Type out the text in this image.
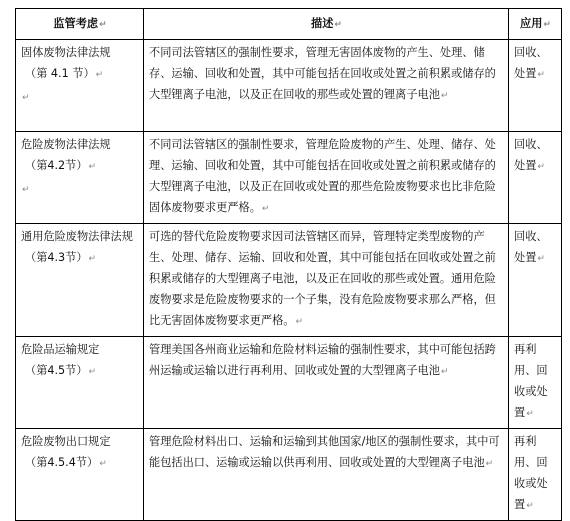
监管考虑↵	描述↵	应用↵

固体废物法律法规
（第 4.1 节）↵
↵	不同司法管辖区的强制性要求，管理无害固体废物的产生、处理、储存、运输、回收和处置，其中可能包括在回收或处置之前积累或储存的大型锂离子电池，以及正在回收的那些或处置的锂离子电池↵	回收、处置↵

危险废物法律法规
（第4.2节）↵
↵	不同司法管辖区的强制性要求，管理危险废物的产生、处理、储存、处理、运输、回收和处置，其中可能包括在回收或处置之前积累或储存的大型锂离子电池，以及正在回收或处置的那些危险废物要求也比非危险固体废物要求更严格。↵	回收、处置↵

通用危险废物法律法规
（第4.3节）↵	可选的替代危险废物要求因司法管辖区而异，管理特定类型废物的产生、处理、储存、运输、回收和处置，其中可能包括在回收或处置之前积累或储存的大型锂离子电池，以及正在回收的那些或处置。通用危险废物要求是危险废物要求的一个子集，没有危险废物要求那么严格，但比无害固体废物要求更严格。↵	回收、处置↵

危险品运输规定
（第4.5节）↵	管理美国各州商业运输和危险材料运输的强制性要求，其中可能包括跨州运输或运输以进行再利用、回收或处置的大型锂离子电池↵	再利用、回收或处置↵

危险废物出口规定
（第4.5.4节）↵	管理危险材料出口、运输和运输到其他国家/地区的强制性要求，其中可能包括出口、运输或运输以供再利用、回收或处置的大型锂离子电池↵	再利用、回收或处置↵
